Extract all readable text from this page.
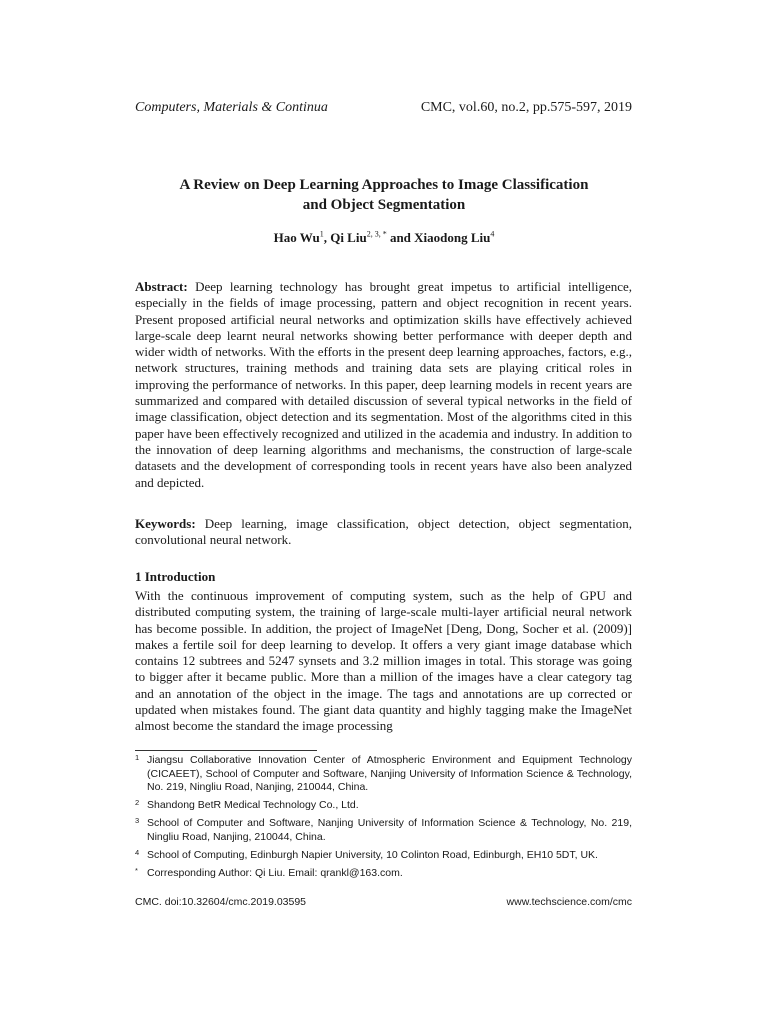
Computers, Materials & Continua	CMC, vol.60, no.2, pp.575-597, 2019
A Review on Deep Learning Approaches to Image Classification
and Object Segmentation
Hao Wu$^1$, Qi Liu$^{2, 3, *}$ and Xiaodong Liu$^4$
Abstract: Deep learning technology has brought great impetus to artificial intelligence, especially in the fields of image processing, pattern and object recognition in recent years. Present proposed artificial neural networks and optimization skills have effectively achieved large-scale deep learnt neural networks showing better performance with deeper depth and wider width of networks. With the efforts in the present deep learning approaches, factors, e.g., network structures, training methods and training data sets are playing critical roles in improving the performance of networks. In this paper, deep learning models in recent years are summarized and compared with detailed discussion of several typical networks in the field of image classification, object detection and its segmentation. Most of the algorithms cited in this paper have been effectively recognized and utilized in the academia and industry. In addition to the innovation of deep learning algorithms and mechanisms, the construction of large-scale datasets and the development of corresponding tools in recent years have also been analyzed and depicted.
Keywords: Deep learning, image classification, object detection, object segmentation, convolutional neural network.
1 Introduction
With the continuous improvement of computing system, such as the help of GPU and distributed computing system, the training of large-scale multi-layer artificial neural network has become possible. In addition, the project of ImageNet [Deng, Dong, Socher et al. (2009)] makes a fertile soil for deep learning to develop. It offers a very giant image database which contains 12 subtrees and 5247 synsets and 3.2 million images in total. This storage was going to bigger after it became public. More than a million of the images have a clear category tag and an annotation of the object in the image. The tags and annotations are up corrected or updated when mistakes found. The giant data quantity and highly tagging make the ImageNet almost become the standard the image processing
1 Jiangsu Collaborative Innovation Center of Atmospheric Environment and Equipment Technology (CICAEET), School of Computer and Software, Nanjing University of Information Science & Technology, No. 219, Ningliu Road, Nanjing, 210044, China.
2 Shandong BetR Medical Technology Co., Ltd.
3 School of Computer and Software, Nanjing University of Information Science & Technology, No. 219, Ningliu Road, Nanjing, 210044, China.
4 School of Computing, Edinburgh Napier University, 10 Colinton Road, Edinburgh, EH10 5DT, UK.
* Corresponding Author: Qi Liu. Email: qrankl@163.com.
CMC. doi:10.32604/cmc.2019.03595	www.techscience.com/cmc
